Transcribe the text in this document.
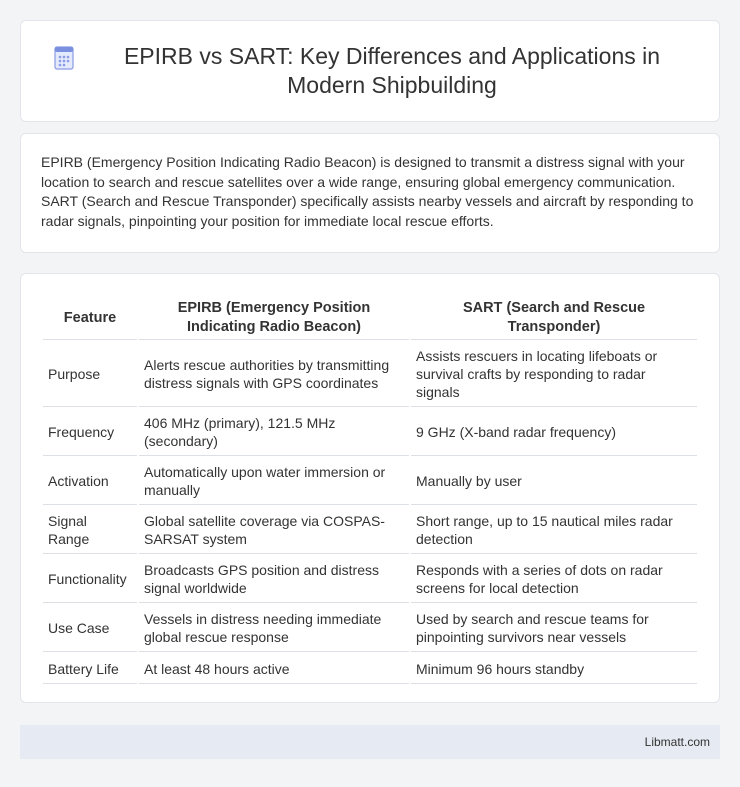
EPIRB vs SART: Key Differences and Applications in Modern Shipbuilding

EPIRB (Emergency Position Indicating Radio Beacon) is designed to transmit a distress signal with your location to search and rescue satellites over a wide range, ensuring global emergency communication. SART (Search and Rescue Transponder) specifically assists nearby vessels and aircraft by responding to radar signals, pinpointing your position for immediate local rescue efforts.

Feature	EPIRB (Emergency Position Indicating Radio Beacon)	SART (Search and Rescue Transponder)
Purpose	Alerts rescue authorities by transmitting distress signals with GPS coordinates	Assists rescuers in locating lifeboats or survival crafts by responding to radar signals
Frequency	406 MHz (primary), 121.5 MHz (secondary)	9 GHz (X-band radar frequency)
Activation	Automatically upon water immersion or manually	Manually by user
Signal Range	Global satellite coverage via COSPAS-SARSAT system	Short range, up to 15 nautical miles radar detection
Functionality	Broadcasts GPS position and distress signal worldwide	Responds with a series of dots on radar screens for local detection
Use Case	Vessels in distress needing immediate global rescue response	Used by search and rescue teams for pinpointing survivors near vessels
Battery Life	At least 48 hours active	Minimum 96 hours standby
Libmatt.com
